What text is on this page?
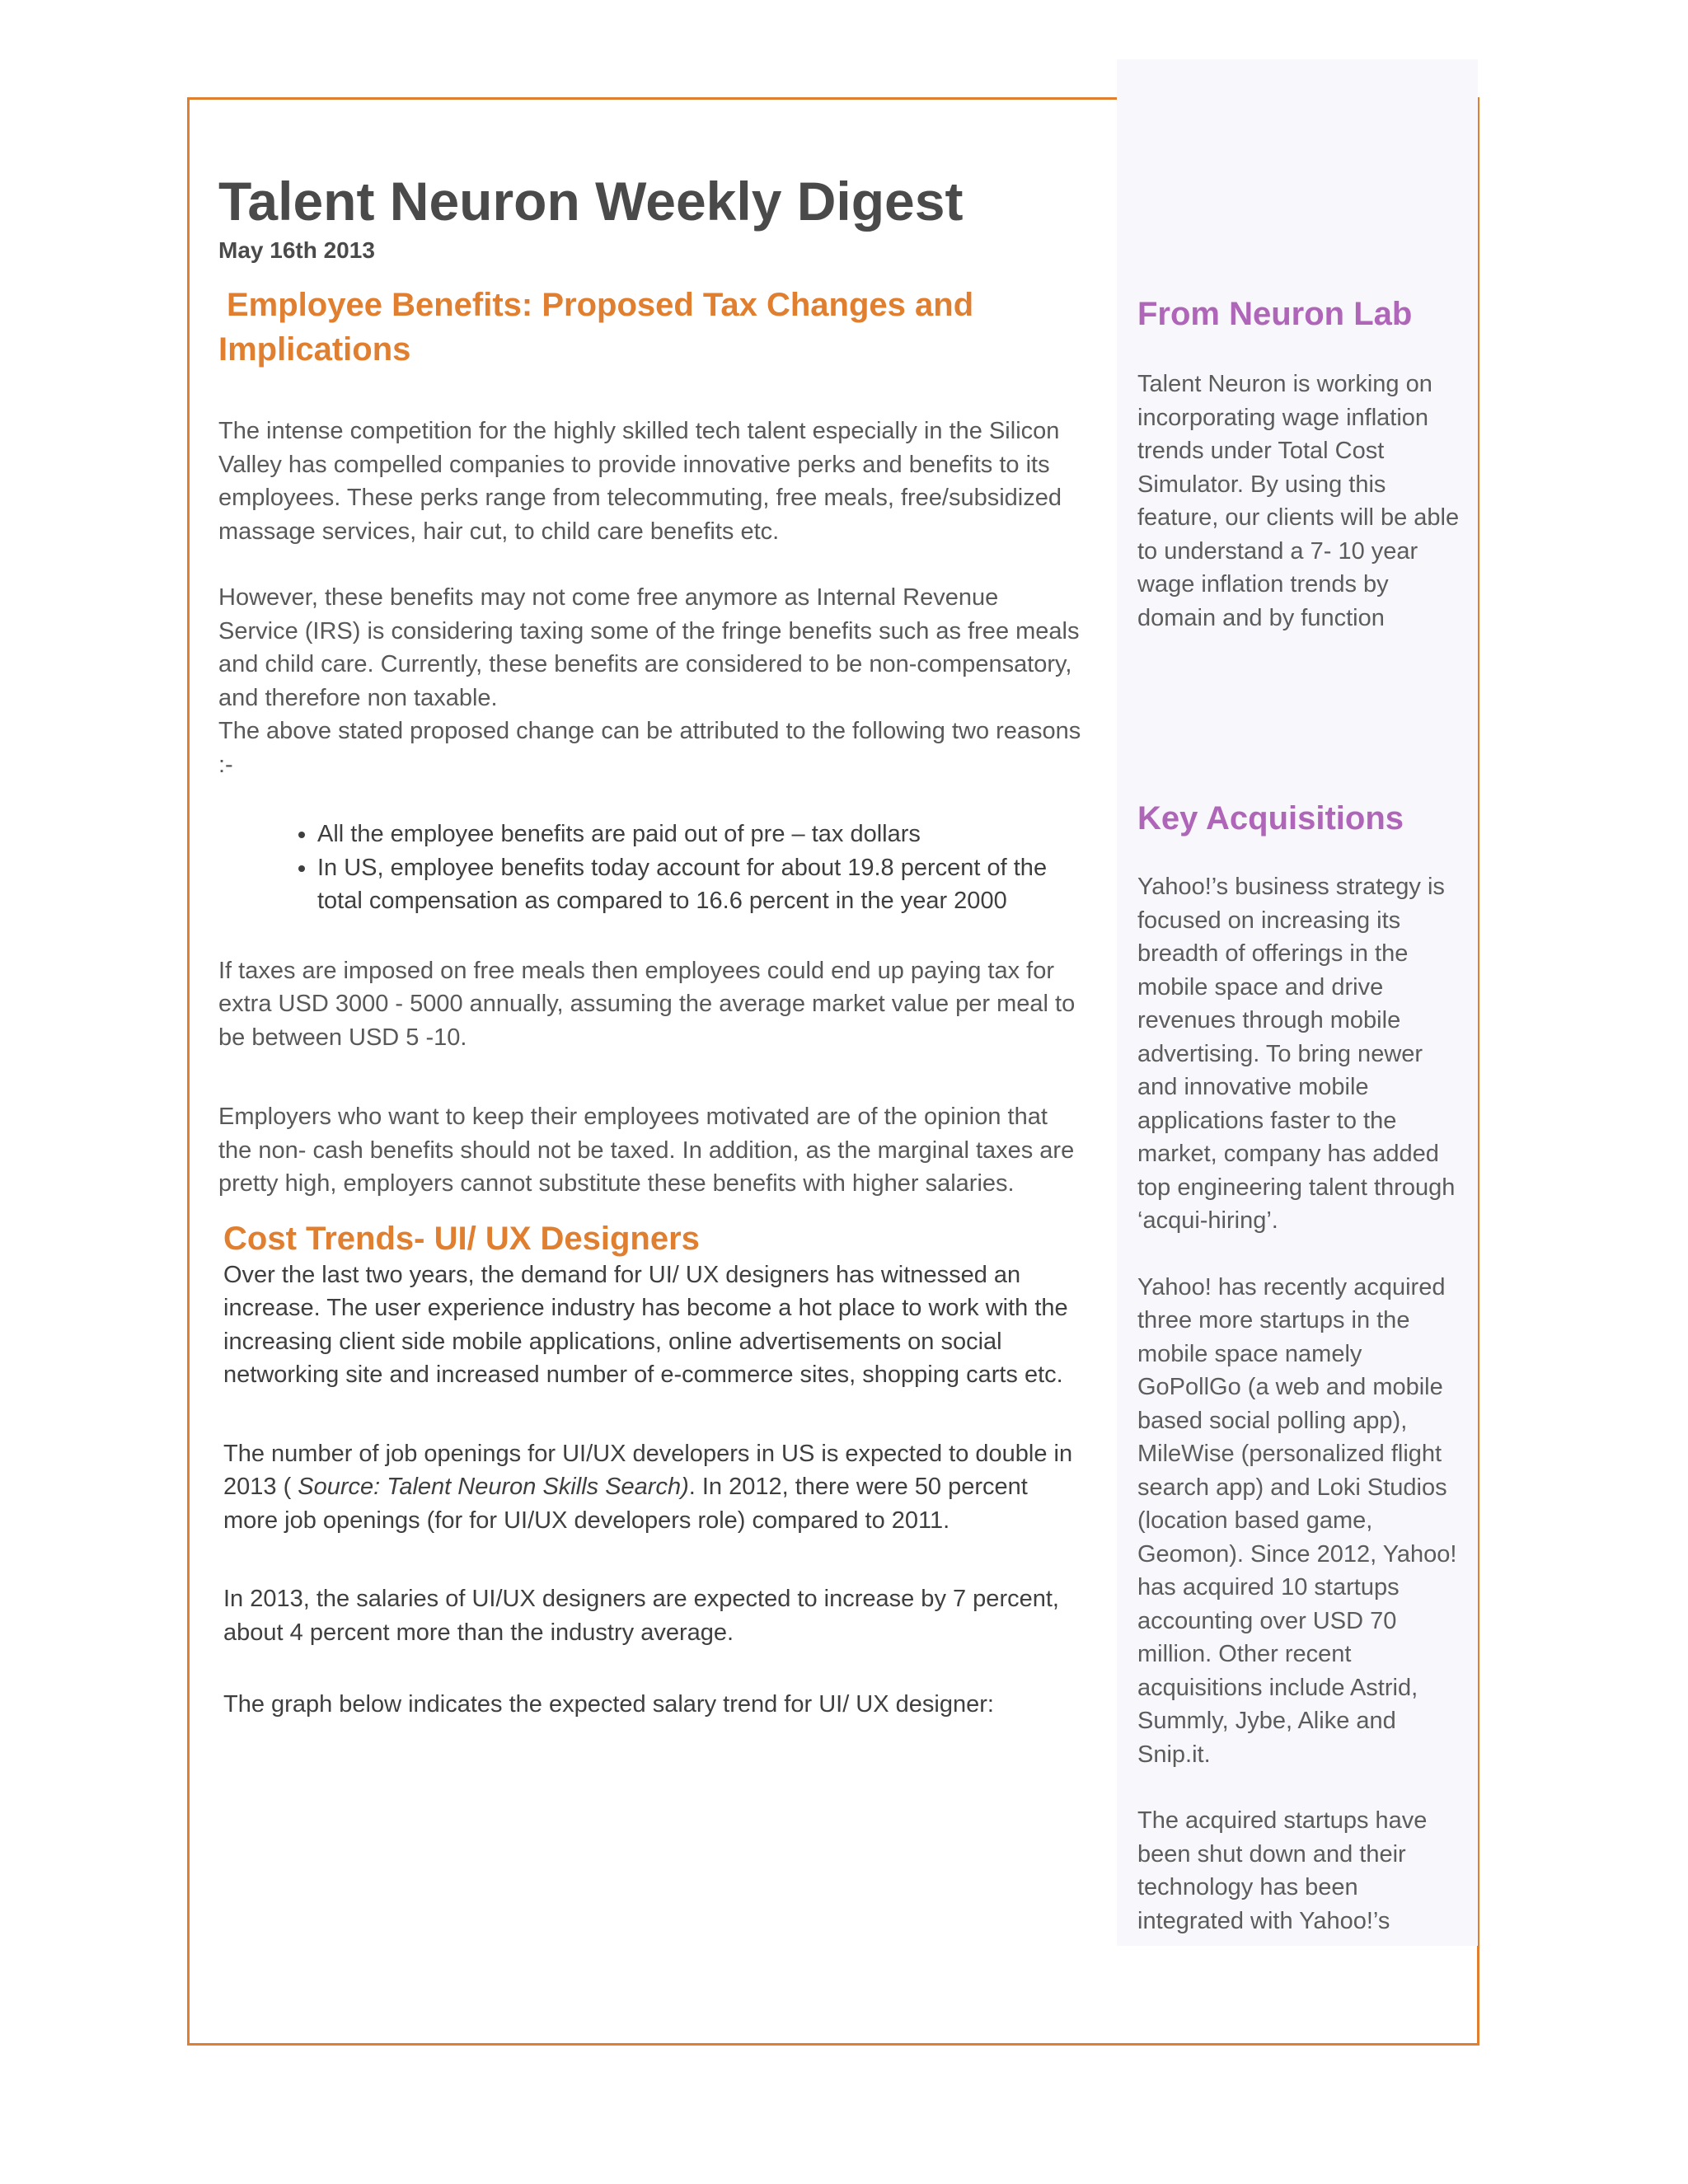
Talent Neuron Weekly Digest
May 16th 2013
Employee Benefits: Proposed Tax Changes and Implications

The intense competition for the highly skilled tech talent especially in the Silicon Valley has compelled companies to provide innovative perks and benefits to its employees. These perks range from telecommuting, free meals, free/subsidized massage services, hair cut, to child care benefits etc.

However, these benefits may not come free anymore as Internal Revenue Service (IRS) is considering taxing some of the fringe benefits such as free meals and child care. Currently, these benefits are considered to be non-compensatory, and therefore non taxable.

The above stated proposed change can be attributed to the following two reasons :-

• All the employee benefits are paid out of pre – tax dollars
• In US, employee benefits today account for about 19.8 percent of the total compensation as compared to 16.6 percent in the year 2000

If taxes are imposed on free meals then employees could end up paying tax for extra USD 3000 - 5000 annually, assuming the average market value per meal to be between USD 5 -10.

Employers who want to keep their employees motivated are of the opinion that the non- cash benefits should not be taxed. In addition, as the marginal taxes are pretty high, employers cannot substitute these benefits with higher salaries.

Cost Trends- UI/ UX Designers

Over the last two years, the demand for UI/ UX designers has witnessed an increase. The user experience industry has become a hot place to work with the increasing client side mobile applications, online advertisements on social networking site and increased number of e-commerce sites, shopping carts etc.

The number of job openings for UI/UX developers in US is expected to double in 2013 ( Source: Talent Neuron Skills Search). In 2012, there were 50 percent more job openings (for for UI/UX developers role) compared to 2011.

In 2013, the salaries of UI/UX designers are expected to increase by 7 percent, about 4 percent more than the industry average.

The graph below indicates the expected salary trend for UI/ UX designer:

From Neuron Lab

Talent Neuron is working on incorporating wage inflation trends under Total Cost Simulator. By using this feature, our clients will be able to understand a 7- 10 year wage inflation trends by domain and by function

Key Acquisitions

Yahoo!’s business strategy is focused on increasing its breadth of offerings in the mobile space and drive revenues through mobile advertising. To bring newer and innovative mobile applications faster to the market, company has added top engineering talent through ‘acqui-hiring’.

Yahoo! has recently acquired three more startups in the mobile space namely GoPollGo (a web and mobile based social polling app), MileWise (personalized flight search app) and Loki Studios (location based game, Geomon). Since 2012, Yahoo! has acquired 10 startups accounting over USD 70 million. Other recent acquisitions include Astrid, Summly, Jybe, Alike and Snip.it.

The acquired startups have been shut down and their technology has been integrated with Yahoo!’s
